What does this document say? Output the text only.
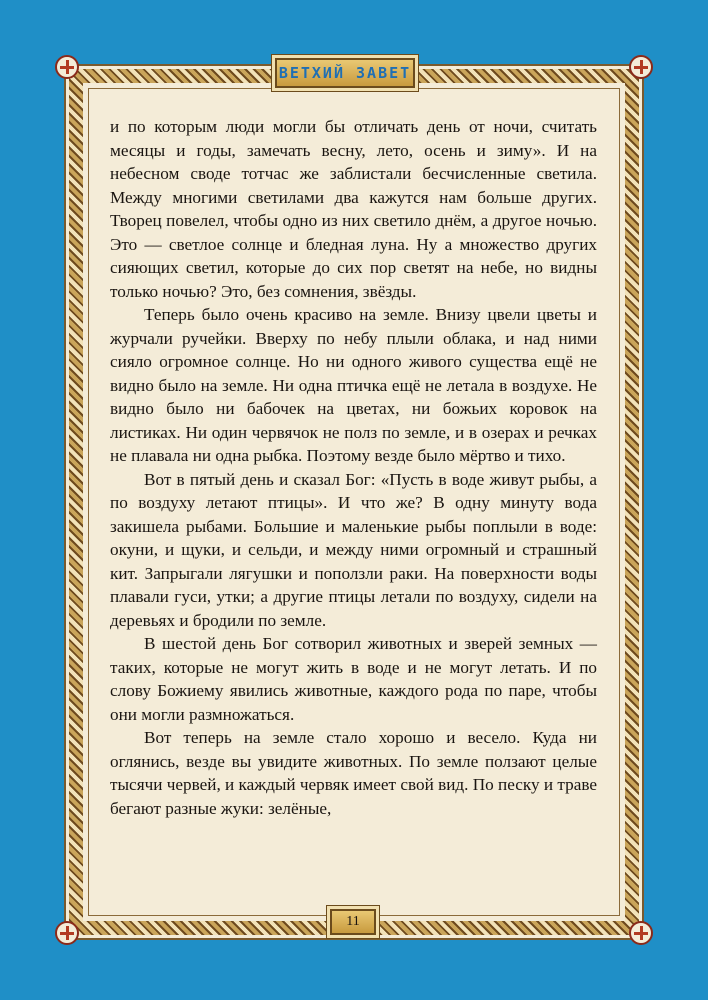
ВЕТХИЙ ЗАВЕТ

и по которым люди могли бы отличать день от ночи, считать месяцы и годы, замечать весну, лето, осень и зиму». И на небесном своде тотчас же заблистали бесчисленные светила. Между многими светилами два кажутся нам больше других. Творец повелел, чтобы одно из них светило днём, а другое ночью. Это — светлое солнце и бледная луна. Ну а множество других сияющих светил, которые до сих пор светят на небе, но видны только ночью? Это, без сомнения, звёзды.

Теперь было очень красиво на земле. Внизу цвели цветы и журчали ручейки. Вверху по небу плыли облака, и над ними сияло огромное солнце. Но ни одного живого существа ещё не видно было на земле. Ни одна птичка ещё не летала в воздухе. Не видно было ни бабочек на цветах, ни божьих коровок на листиках. Ни один червячок не полз по земле, и в озерах и речках не плавала ни одна рыбка. Поэтому везде было мёртво и тихо.

Вот в пятый день и сказал Бог: «Пусть в воде живут рыбы, а по воздуху летают птицы». И что же? В одну минуту вода закишела рыбами. Большие и маленькие рыбы поплыли в воде: окуни, и щуки, и сельди, и между ними огромный и страшный кит. Запрыгали лягушки и поползли раки. На поверхности воды плавали гуси, утки; а другие птицы летали по воздуху, сидели на деревьях и бродили по земле.

В шестой день Бог сотворил животных и зверей земных — таких, которые не могут жить в воде и не могут летать. И по слову Божиему явились животные, каждого рода по паре, чтобы они могли размножаться.

Вот теперь на земле стало хорошо и весело. Куда ни оглянись, везде вы увидите животных. По земле ползают целые тысячи червей, и каждый червяк имеет свой вид. По песку и траве бегают разные жуки: зелёные,

11
